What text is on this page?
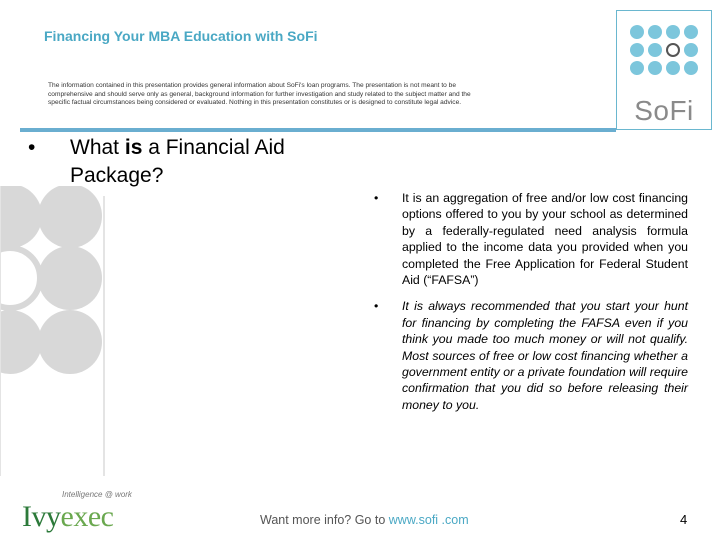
Financing Your MBA Education with SoFi
SoFi
The information contained in this presentation provides general information about SoFi's loan programs. The presentation is not meant to be comprehensive and should serve only as general, background information for further investigation and study related to the subject matter and the specific factual circumstances being considered or evaluated. Nothing in this presentation constitutes or is designed to constitute legal advice.
• What is a Financial Aid Package?
• It is an aggregation of free and/or low cost financing options offered to you by your school as determined by a federally-regulated need analysis formula applied to the income data you provided when you completed the Free Application for Federal Student Aid (“FAFSA”)
• It is always recommended that you start your hunt for financing by completing the FAFSA even if you think you made too much money or will not qualify. Most sources of free or low cost financing whether a government entity or a private foundation will require confirmation that you did so before releasing their money to you.
Intelligence @ work
Ivyexec	Want more info? Go to www.sofi .com	4
